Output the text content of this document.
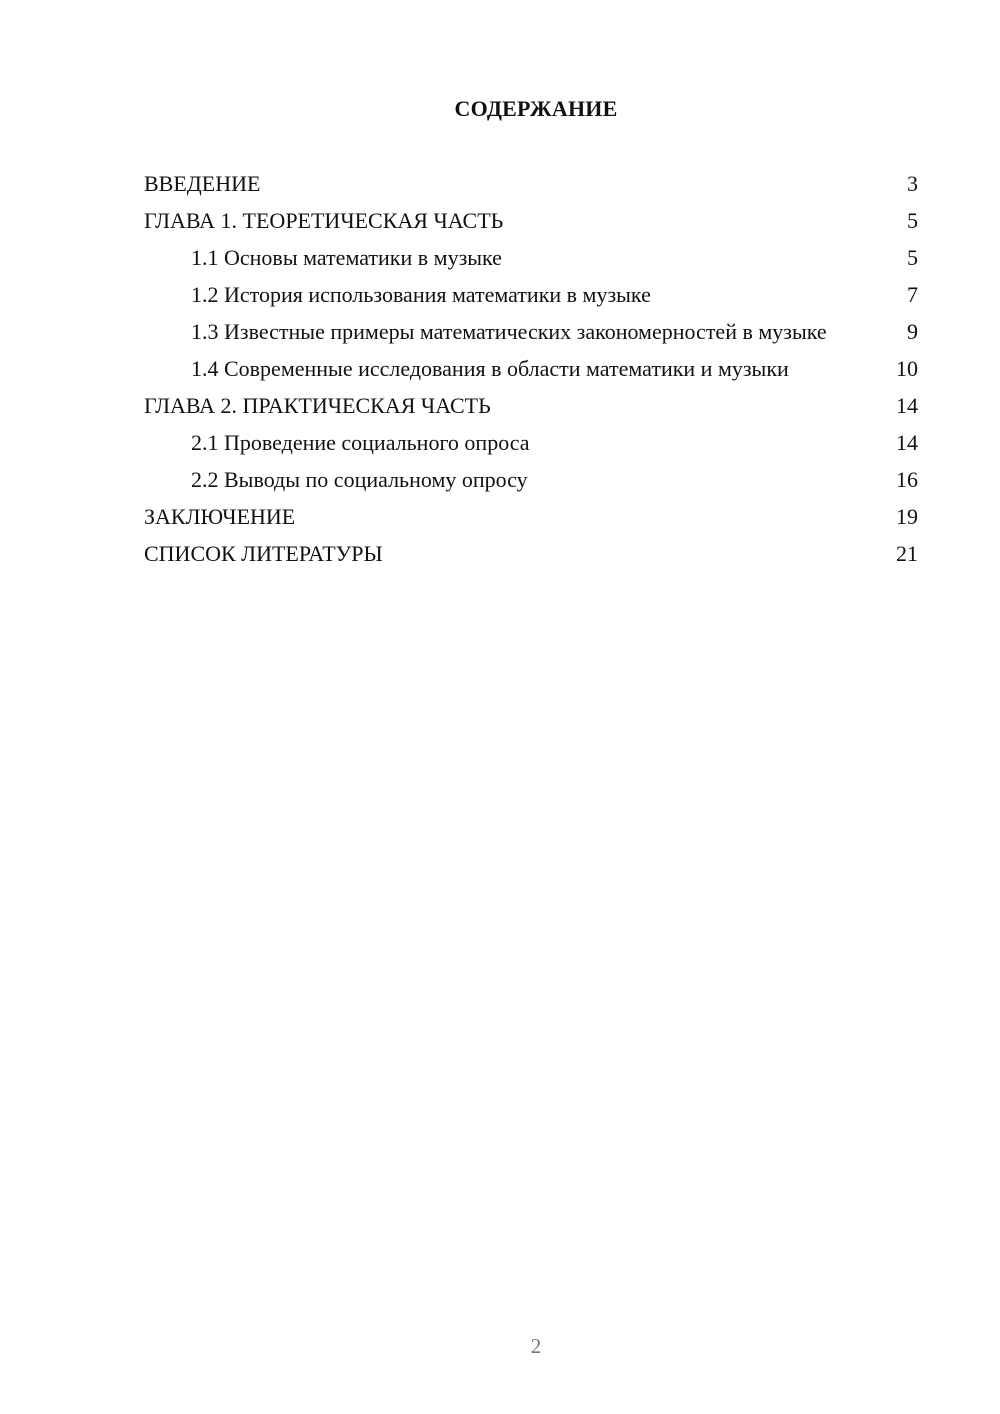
СОДЕРЖАНИЕ
ВВЕДЕНИЕ	3
ГЛАВА 1. ТЕОРЕТИЧЕСКАЯ ЧАСТЬ	5
1.1 Основы математики в музыке	5
1.2 История использования математики в музыке	7
1.3 Известные примеры математических закономерностей в музыке	9
1.4 Современные исследования в области математики и музыки	10
ГЛАВА 2. ПРАКТИЧЕСКАЯ ЧАСТЬ	14
2.1 Проведение социального опроса	14
2.2 Выводы по социальному опросу	16
ЗАКЛЮЧЕНИЕ	19
СПИСОК ЛИТЕРАТУРЫ	21
2
